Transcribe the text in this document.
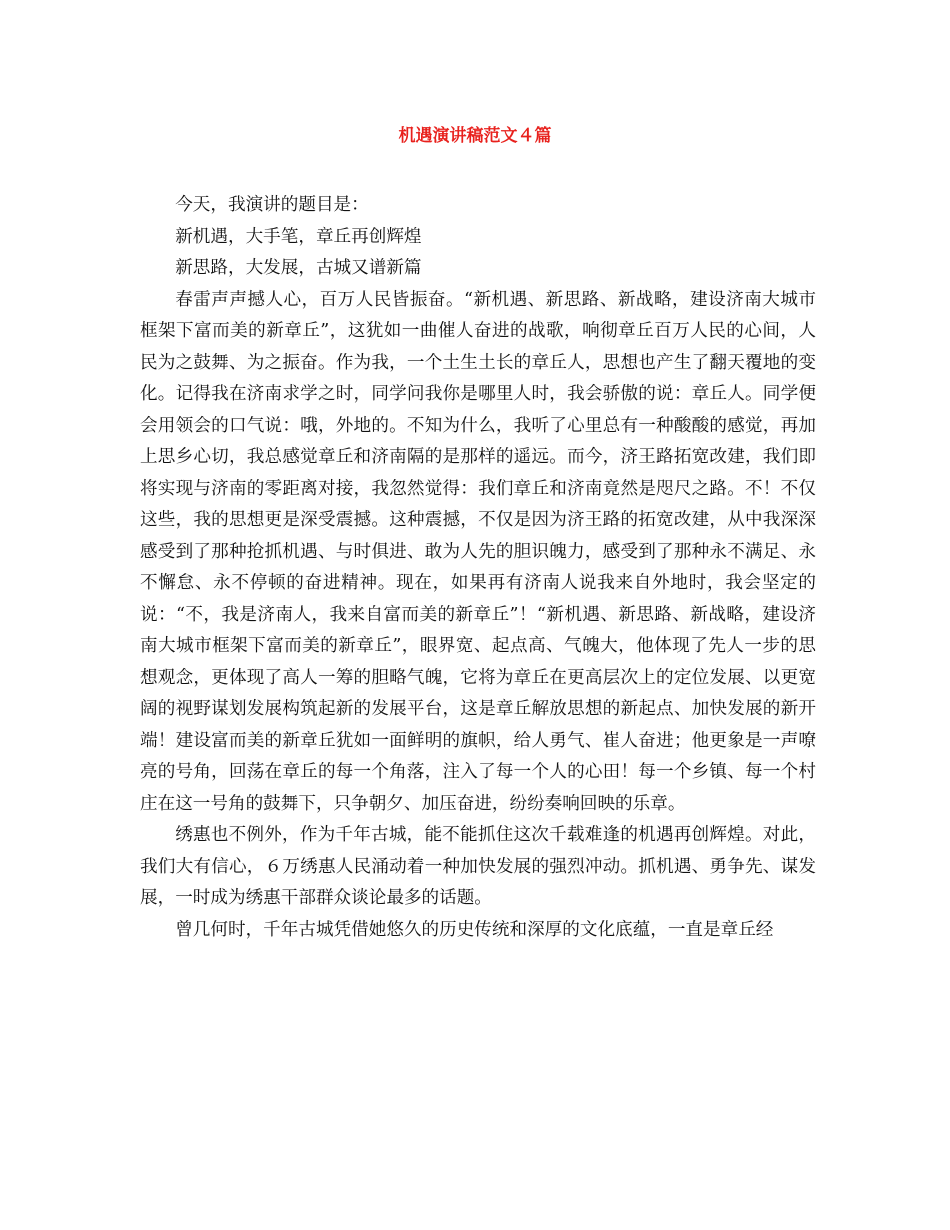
机遇演讲稿范文４篇

今天，我演讲的题目是：

新机遇，大手笔，章丘再创辉煌

新思路，大发展，古城又谱新篇

春雷声声撼人心，百万人民皆振奋。“新机遇、新思路、新战略，建设济南大城市框架下富而美的新章丘”，这犹如一曲催人奋进的战歌，响彻章丘百万人民的心间，人民为之鼓舞、为之振奋。作为我，一个土生土长的章丘人，思想也产生了翻天覆地的变化。记得我在济南求学之时，同学问我你是哪里人时，我会骄傲的说：章丘人。同学便会用领会的口气说：哦，外地的。不知为什么，我听了心里总有一种酸酸的感觉，再加上思乡心切，我总感觉章丘和济南隔的是那样的遥远。而今，济王路拓宽改建，我们即将实现与济南的零距离对接，我忽然觉得：我们章丘和济南竟然是咫尺之路。不！不仅这些，我的思想更是深受震撼。这种震撼，不仅是因为济王路的拓宽改建，从中我深深感受到了那种抢抓机遇、与时俱进、敢为人先的胆识魄力，感受到了那种永不满足、永不懈怠、永不停顿的奋进精神。现在，如果再有济南人说我来自外地时，我会坚定的说：“不，我是济南人，我来自富而美的新章丘”！“新机遇、新思路、新战略，建设济南大城市框架下富而美的新章丘”，眼界宽、起点高、气魄大，他体现了先人一步的思想观念，更体现了高人一筹的胆略气魄，它将为章丘在更高层次上的定位发展、以更宽阔的视野谋划发展构筑起新的发展平台，这是章丘解放思想的新起点、加快发展的新开端！建设富而美的新章丘犹如一面鲜明的旗帜，给人勇气、崔人奋进；他更象是一声嘹亮的号角，回荡在章丘的每一个角落，注入了每一个人的心田！每一个乡镇、每一个村庄在这一号角的鼓舞下，只争朝夕、加压奋进，纷纷奏响回映的乐章。

绣惠也不例外，作为千年古城，能不能抓住这次千载难逢的机遇再创辉煌。对此，我们大有信心，６万绣惠人民涌动着一种加快发展的强烈冲动。抓机遇、勇争先、谋发展，一时成为绣惠干部群众谈论最多的话题。

曾几何时，千年古城凭借她悠久的历史传统和深厚的文化底蕴，一直是章丘经
